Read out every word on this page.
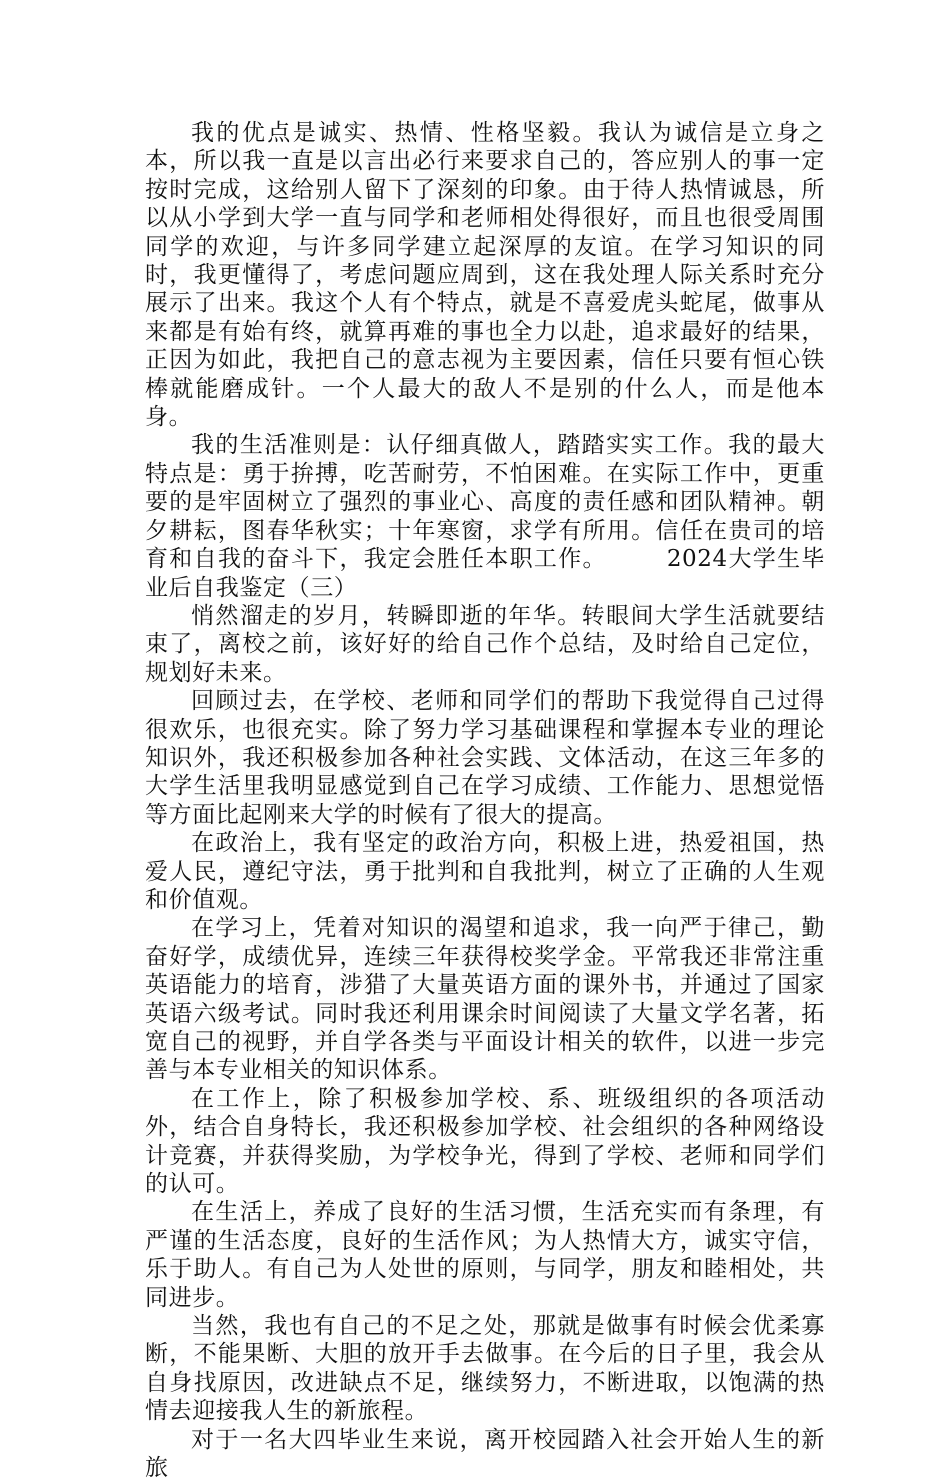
我的优点是诚实、热情、性格坚毅。我认为诚信是立身之本，所以我一直是以言出必行来要求自己的，答应别人的事一定按时完成，这给别人留下了深刻的印象。由于待人热情诚恳，所以从小学到大学一直与同学和老师相处得很好，而且也很受周围同学的欢迎，与许多同学建立起深厚的友谊。在学习知识的同时，我更懂得了，考虑问题应周到，这在我处理人际关系时充分展示了出来。我这个人有个特点，就是不喜爱虎头蛇尾，做事从来都是有始有终，就算再难的事也全力以赴，追求最好的结果，正因为如此，我把自己的意志视为主要因素，信任只要有恒心铁棒就能磨成针。一个人最大的敌人不是别的什么人，而是他本身。

我的生活准则是：认仔细真做人，踏踏实实工作。我的最大特点是：勇于拚搏，吃苦耐劳，不怕困难。在实际工作中，更重要的是牢固树立了强烈的事业心、高度的责任感和团队精神。朝夕耕耘，图春华秋实；十年寒窗，求学有所用。信任在贵司的培育和自我的奋斗下，我定会胜任本职工作。	2024大学生毕业后自我鉴定（三）

悄然溜走的岁月，转瞬即逝的年华。转眼间大学生活就要结束了，离校之前，该好好的给自己作个总结，及时给自己定位，规划好未来。

回顾过去，在学校、老师和同学们的帮助下我觉得自己过得很欢乐，也很充实。除了努力学习基础课程和掌握本专业的理论知识外，我还积极参加各种社会实践、文体活动，在这三年多的大学生活里我明显感觉到自己在学习成绩、工作能力、思想觉悟等方面比起刚来大学的时候有了很大的提高。

在政治上，我有坚定的政治方向，积极上进，热爱祖国，热爱人民，遵纪守法，勇于批判和自我批判，树立了正确的人生观和价值观。

在学习上，凭着对知识的渴望和追求，我一向严于律己，勤奋好学，成绩优异，连续三年获得校奖学金。平常我还非常注重英语能力的培育，涉猎了大量英语方面的课外书，并通过了国家英语六级考试。同时我还利用课余时间阅读了大量文学名著，拓宽自己的视野，并自学各类与平面设计相关的软件，以进一步完善与本专业相关的知识体系。

在工作上，除了积极参加学校、系、班级组织的各项活动外，结合自身特长，我还积极参加学校、社会组织的各种网络设计竞赛，并获得奖励，为学校争光，得到了学校、老师和同学们的认可。

在生活上，养成了良好的生活习惯，生活充实而有条理，有严谨的生活态度，良好的生活作风；为人热情大方，诚实守信，乐于助人。有自己为人处世的原则，与同学，朋友和睦相处，共同进步。

当然，我也有自己的不足之处，那就是做事有时候会优柔寡断，不能果断、大胆的放开手去做事。在今后的日子里，我会从自身找原因，改进缺点不足，继续努力，不断进取，以饱满的热情去迎接我人生的新旅程。

对于一名大四毕业生来说，离开校园踏入社会开始人生的新旅
